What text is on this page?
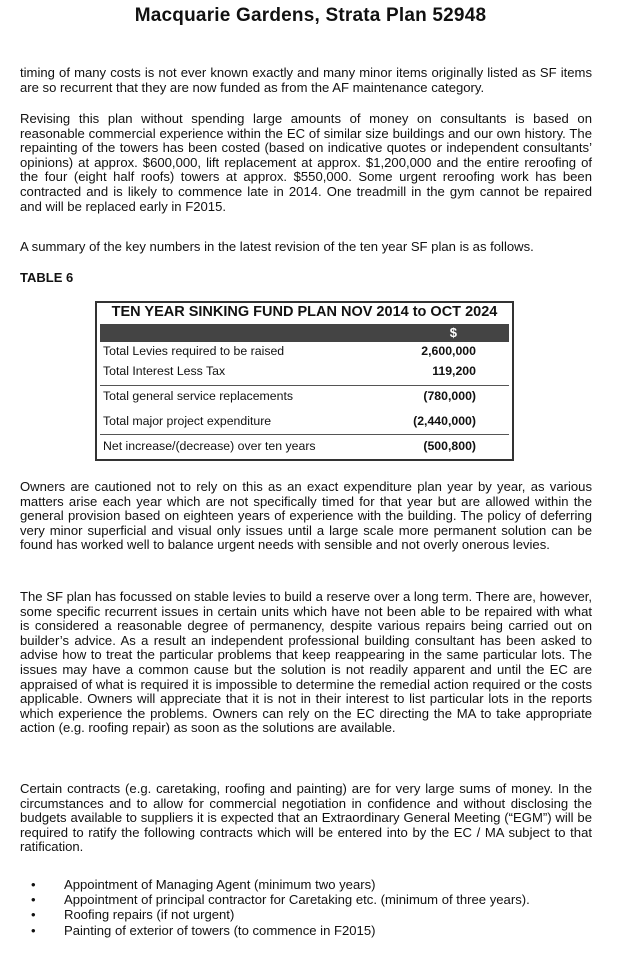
Macquarie Gardens, Strata Plan 52948

timing of many costs is not ever known exactly and many minor items originally listed as SF items are so recurrent that they are now funded as from the AF maintenance category.

Revising this plan without spending large amounts of money on consultants is based on reasonable commercial experience within the EC of similar size buildings and our own history. The repainting of the towers has been costed (based on indicative quotes or independent consultants’ opinions) at approx. $600,000, lift replacement at approx. $1,200,000 and the entire reroofing of the four (eight half roofs) towers at approx. $550,000. Some urgent reroofing work has been contracted and is likely to commence late in 2014. One treadmill in the gym cannot be repaired and will be replaced early in F2015.

A summary of the key numbers in the latest revision of the ten year SF plan is as follows.

TABLE 6
TEN YEAR SINKING FUND PLAN NOV 2014 to OCT 2024
$
Total Levies required to be raised	2,600,000
Total Interest Less Tax	119,200
Total general service replacements	(780,000)
Total major project expenditure	(2,440,000)
Net increase/(decrease) over ten years	(500,800)

Owners are cautioned not to rely on this as an exact expenditure plan year by year, as various matters arise each year which are not specifically timed for that year but are allowed within the general provision based on eighteen years of experience with the building. The policy of deferring very minor superficial and visual only issues until a large scale more permanent solution can be found has worked well to balance urgent needs with sensible and not overly onerous levies.

The SF plan has focussed on stable levies to build a reserve over a long term. There are, however, some specific recurrent issues in certain units which have not been able to be repaired with what is considered a reasonable degree of permanency, despite various repairs being carried out on builder’s advice. As a result an independent professional building consultant has been asked to advise how to treat the particular problems that keep reappearing in the same particular lots. The issues may have a common cause but the solution is not readily apparent and until the EC are appraised of what is required it is impossible to determine the remedial action required or the costs applicable. Owners will appreciate that it is not in their interest to list particular lots in the reports which experience the problems. Owners can rely on the EC directing the MA to take appropriate action (e.g. roofing repair) as soon as the solutions are available.

Certain contracts (e.g. caretaking, roofing and painting) are for very large sums of money. In the circumstances and to allow for commercial negotiation in confidence and without disclosing the budgets available to suppliers it is expected that an Extraordinary General Meeting (“EGM”) will be required to ratify the following contracts which will be entered into by the EC / MA subject to that ratification.

• Appointment of Managing Agent (minimum two years)
• Appointment of principal contractor for Caretaking etc. (minimum of three years).
• Roofing repairs (if not urgent)
• Painting of exterior of towers (to commence in F2015)
